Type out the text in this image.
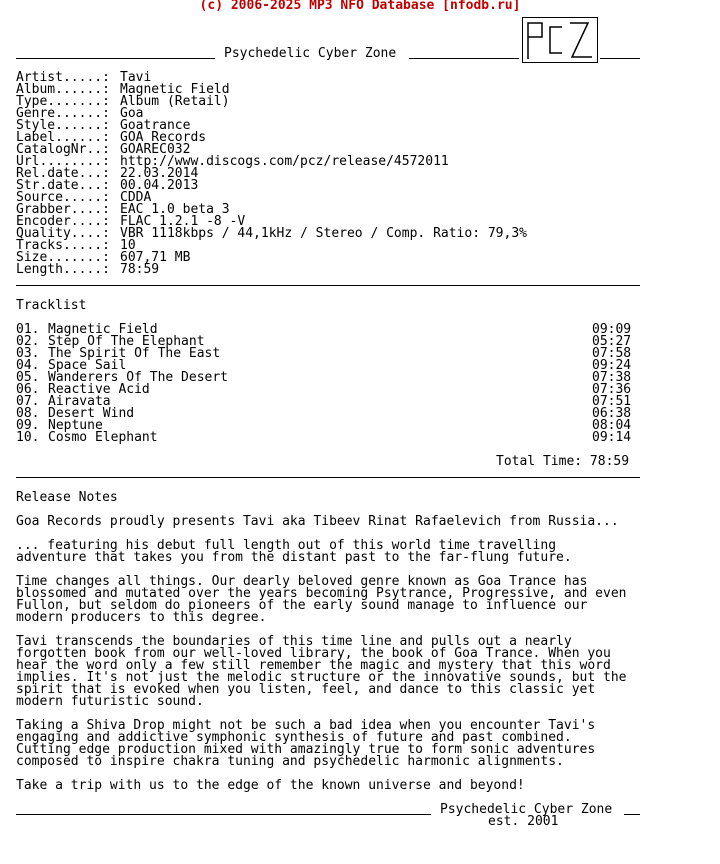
(c) 2006-2025 MP3 NFO Database [nfodb.ru]
Psychedelic Cyber Zone
Artist.....: Tavi
Album......: Magnetic Field
Type.......: Album (Retail)
Genre......: Goa
Style......: Goatrance
Label......: GOA Records
CatalogNr..: GOAREC032
Url........: http://www.discogs.com/pcz/release/4572011
Rel.date...: 22.03.2014
Str.date...: 00.04.2013
Source.....: CDDA
Grabber....: EAC 1.0 beta 3
Encoder....: FLAC 1.2.1 -8 -V
Quality....: VBR 1118kbps / 44,1kHz / Stereo / Comp. Ratio: 79,3%
Tracks.....: 10
Size.......: 607,71 MB
Length.....: 78:59
Tracklist
01. Magnetic Field	09:09
02. Step Of The Elephant	05:27
03. The Spirit Of The East	07:58
04. Space Sail	09:24
05. Wanderers Of The Desert	07:38
06. Reactive Acid	07:36
07. Airavata	07:51
08. Desert Wind	06:38
09. Neptune	08:04
10. Cosmo Elephant	09:14
Total Time: 78:59
Release Notes
Goa Records proudly presents Tavi aka Tibeev Rinat Rafaelevich from Russia...
... featuring his debut full length out of this world time travelling
adventure that takes you from the distant past to the far-flung future.
Time changes all things. Our dearly beloved genre known as Goa Trance has
blossomed and mutated over the years becoming Psytrance, Progressive, and even
Fullon, but seldom do pioneers of the early sound manage to influence our
modern producers to this degree.
Tavi transcends the boundaries of this time line and pulls out a nearly
forgotten book from our well-loved library, the book of Goa Trance. When you
hear the word only a few still remember the magic and mystery that this word
implies. It's not just the melodic structure or the innovative sounds, but the
spirit that is evoked when you listen, feel, and dance to this classic yet
modern futuristic sound.
Taking a Shiva Drop might not be such a bad idea when you encounter Tavi's
engaging and addictive symphonic synthesis of future and past combined.
Cutting edge production mixed with amazingly true to form sonic adventures
composed to inspire chakra tuning and psychedelic harmonic alignments.
Take a trip with us to the edge of the known universe and beyond!
Psychedelic Cyber Zone
est. 2001
